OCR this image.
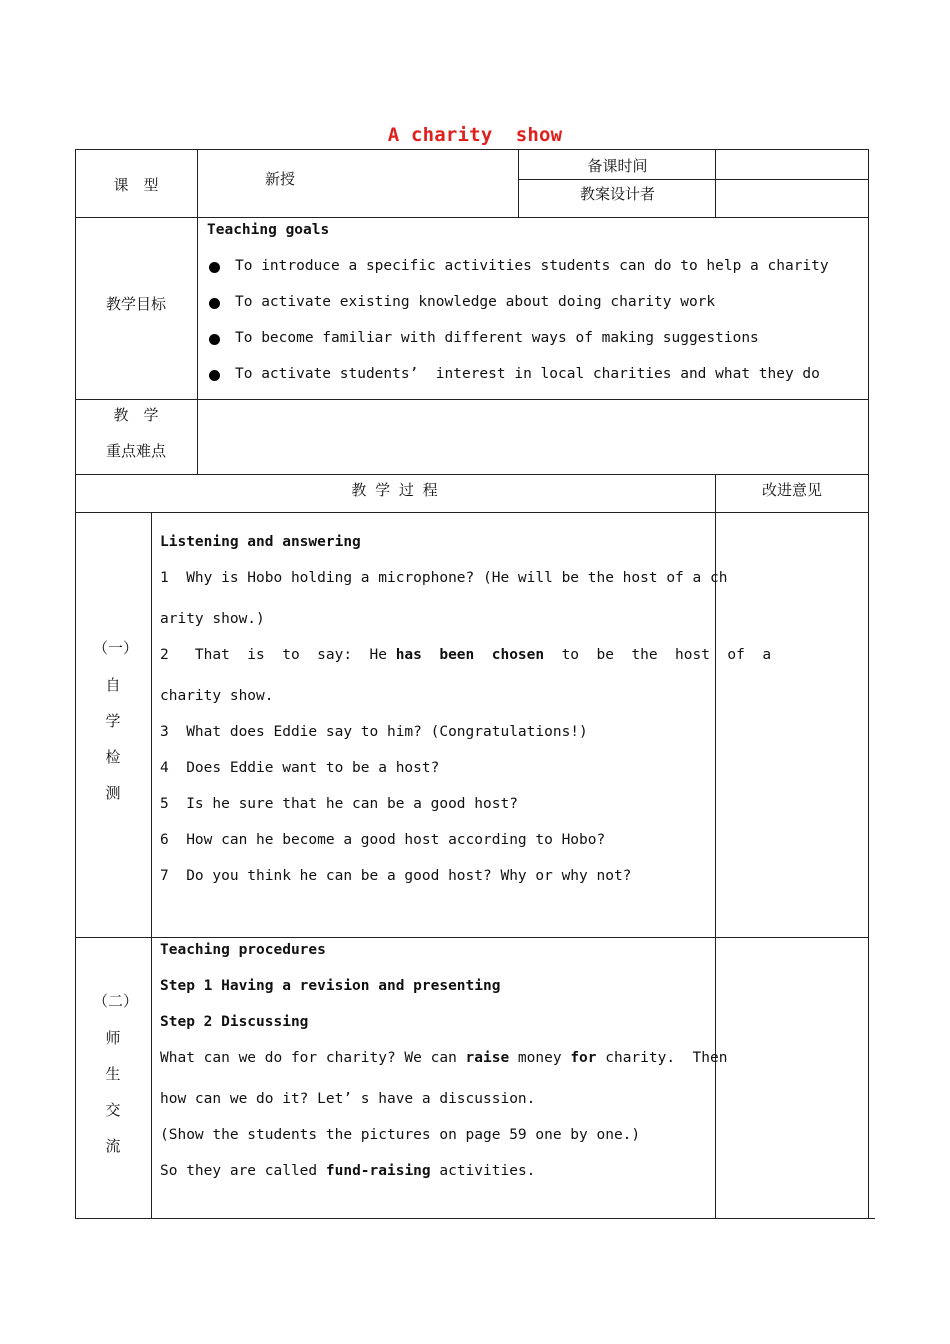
A charity  show
课　型	新授
备课时间
教案设计者
教学目标
Teaching goals
To introduce a specific activities students can do to help a charity
To activate existing knowledge about doing charity work
To become familiar with different ways of making suggestions
To activate students’  interest in local charities and what they do
教　学
重点难点
教 学 过 程	改进意见
（一）
自
学
检
测
Listening and answering
1  Why is Hobo holding a microphone? (He will be the host of a ch
arity show.)
2   That  is  to  say:  He has  been  chosen  to  be  the  host  of  a
charity show.
3  What does Eddie say to him? (Congratulations!)
4  Does Eddie want to be a host?
5  Is he sure that he can be a good host?
6  How can he become a good host according to Hobo?
7  Do you think he can be a good host? Why or why not?
（二）
师
生
交
流
Teaching procedures
Step 1 Having a revision and presenting
Step 2 Discussing
What can we do for charity? We can raise money for charity.  Then
how can we do it? Let’ s have a discussion.
(Show the students the pictures on page 59 one by one.)
So they are called fund-raising activities.
